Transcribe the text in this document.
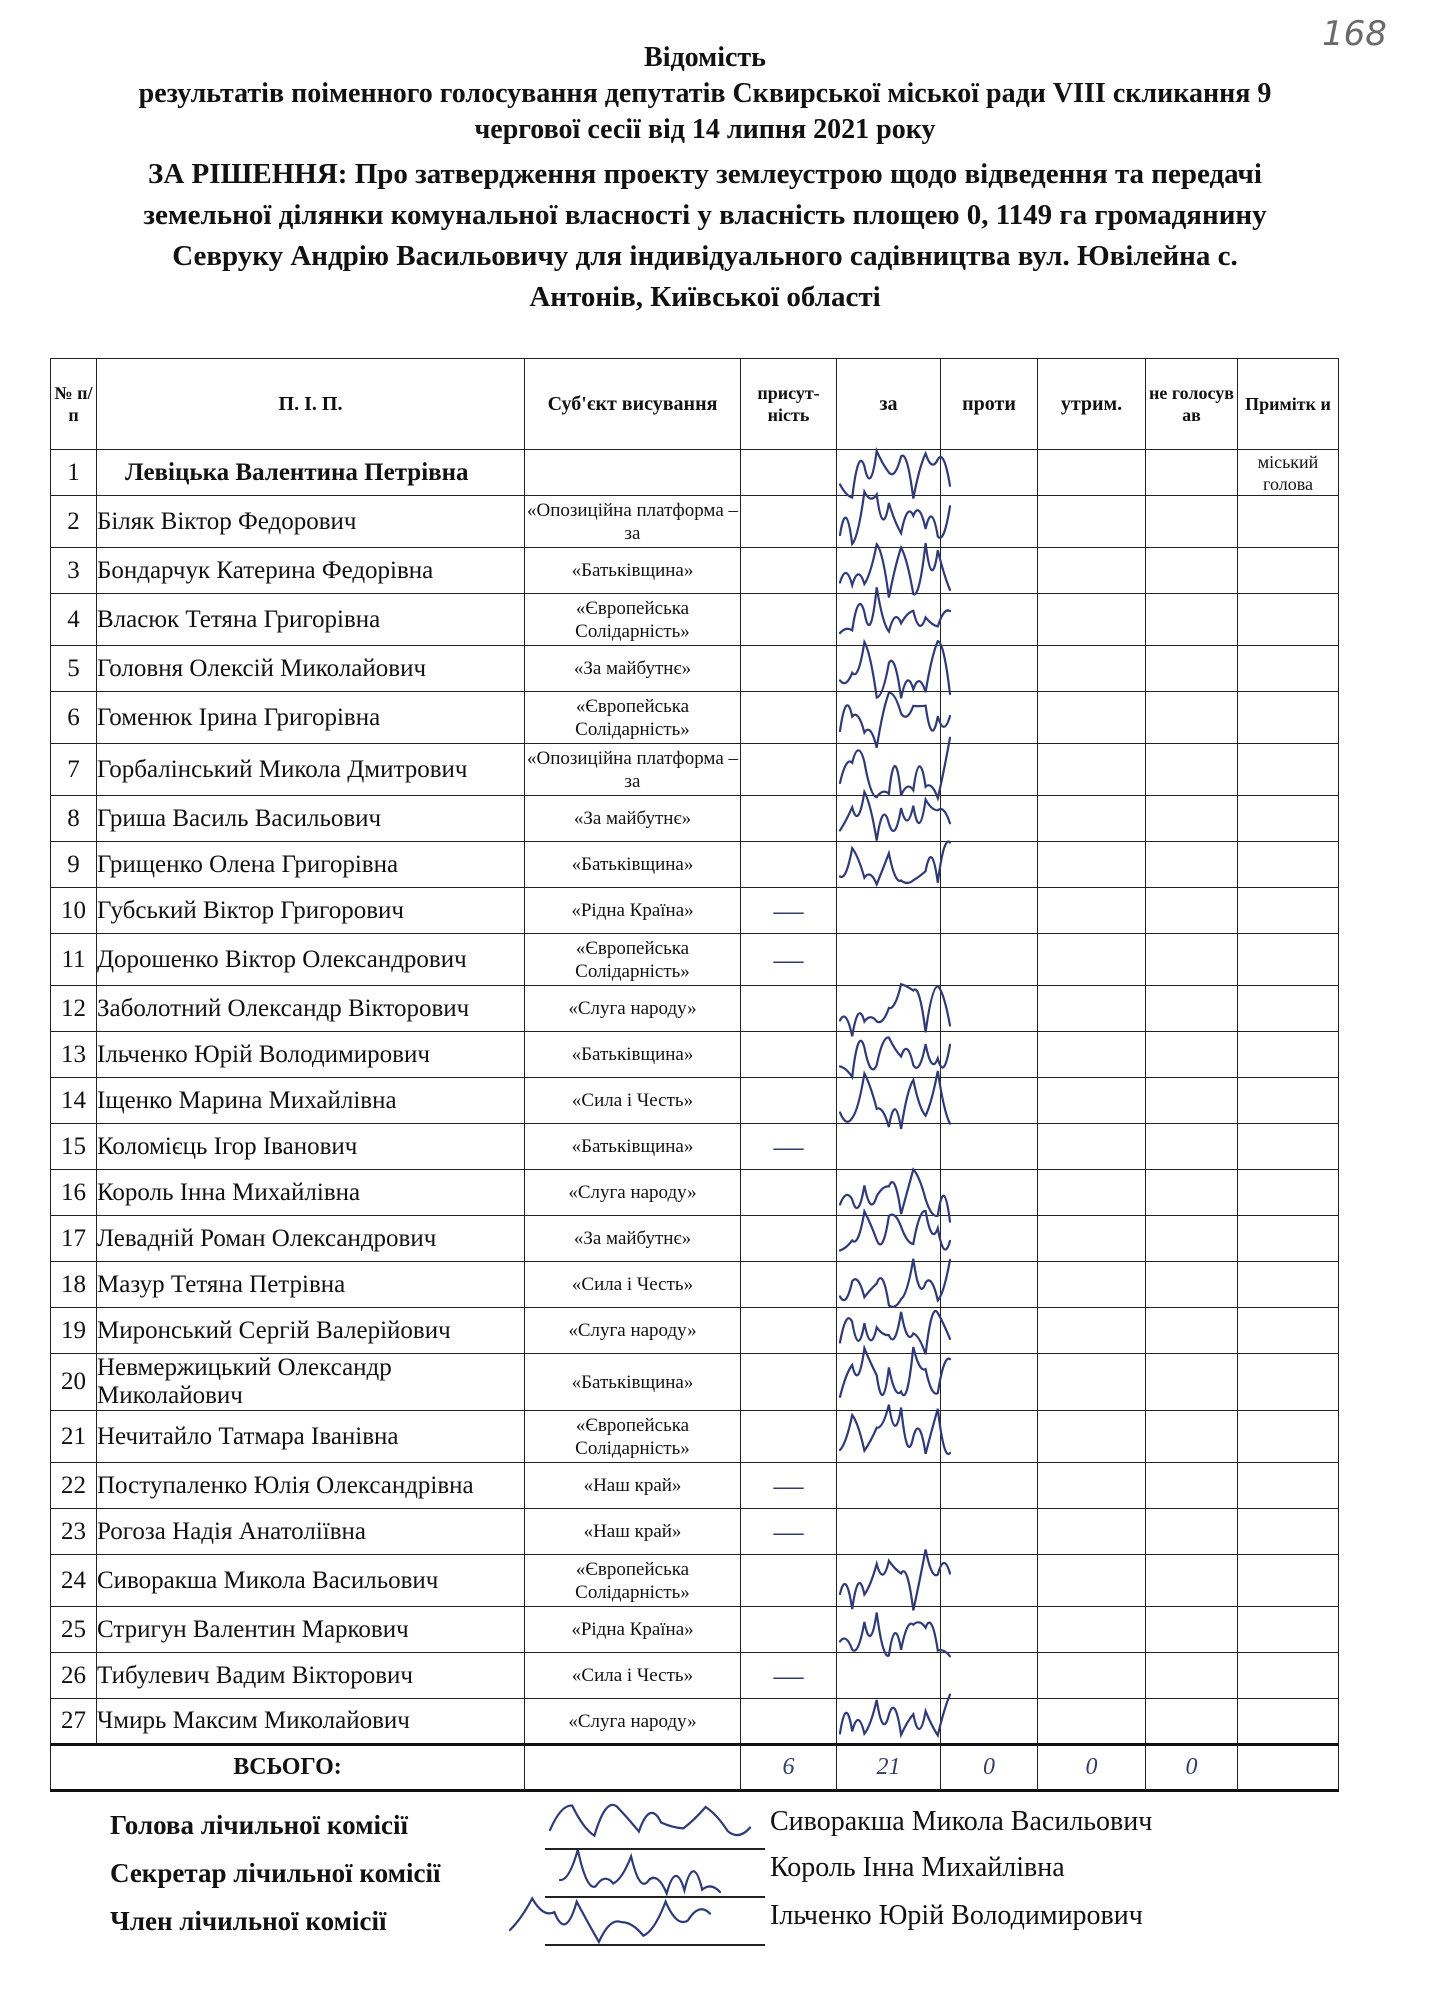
168
Відомість
результатів поіменного голосування депутатів Сквирської міської ради VIII скликання 9
чергової сесії від 14 липня 2021 року
ЗА РІШЕННЯ: Про затвердження проекту землеустрою щодо відведення та передачі
земельної ділянки комунальної власності у власність площею 0, 1149 га громадянину
Севруку Андрію Васильовичу для індивідуального садівництва вул. Ювілейна с.
Антонів, Київської області
№ п/п	П. І. П.	Суб'єкт висування	присут-ність	за	проти	утрим.	не голосув ав	Примітк и
1	Левіцька Валентина Петрівна							міський голова
2	Біляк Віктор Федорович	«Опозиційна платформа – за						
3	Бондарчук Катерина Федорівна	«Батьківщина»						
4	Власюк Тетяна Григорівна	«Європейська Солідарність»						
5	Головня Олексій Миколайович	«За майбутнє»						
6	Гоменюк Ірина Григорівна	«Європейська Солідарність»						
7	Горбалінський Микола Дмитрович	«Опозиційна платформа – за						
8	Гриша Василь Васильович	«За майбутнє»						
9	Грищенко Олена Григорівна	«Батьківщина»						
10	Губський Віктор Григорович	«Рідна Країна»	—					
11	Дорошенко Віктор Олександрович	«Європейська Солідарність»	—					
12	Заболотний Олександр Вікторович	«Слуга народу»						
13	Ільченко Юрій Володимирович	«Батьківщина»						
14	Іщенко Марина Михайлівна	«Сила і Честь»						
15	Коломієць Ігор Іванович	«Батьківщина»	—					
16	Король Інна Михайлівна	«Слуга народу»						
17	Левадній Роман Олександрович	«За майбутнє»						
18	Мазур Тетяна Петрівна	«Сила і Честь»						
19	Миронський Сергій Валерійович	«Слуга народу»						
20	Невмержицький Олександр Миколайович	«Батьківщина»						
21	Нечитайло Татмара Іванівна	«Європейська Солідарність»						
22	Поступаленко Юлія Олександрівна	«Наш край»	—					
23	Рогоза Надія Анатоліївна	«Наш край»	—					
24	Сиворакша Микола Васильович	«Європейська Солідарність»						
25	Стригун Валентин Маркович	«Рідна Країна»						
26	Тибулевич Вадим Вікторович	«Сила і Честь»	—					
27	Чмирь Максим Миколайович	«Слуга народу»						
ВСЬОГО:			6	21	0	0	0	
Голова лічильної комісії	Сиворакша Микола Васильович
Секретар лічильної комісії	Король Інна Михайлівна
Член лічильної комісії	Ільченко Юрій Володимирович
